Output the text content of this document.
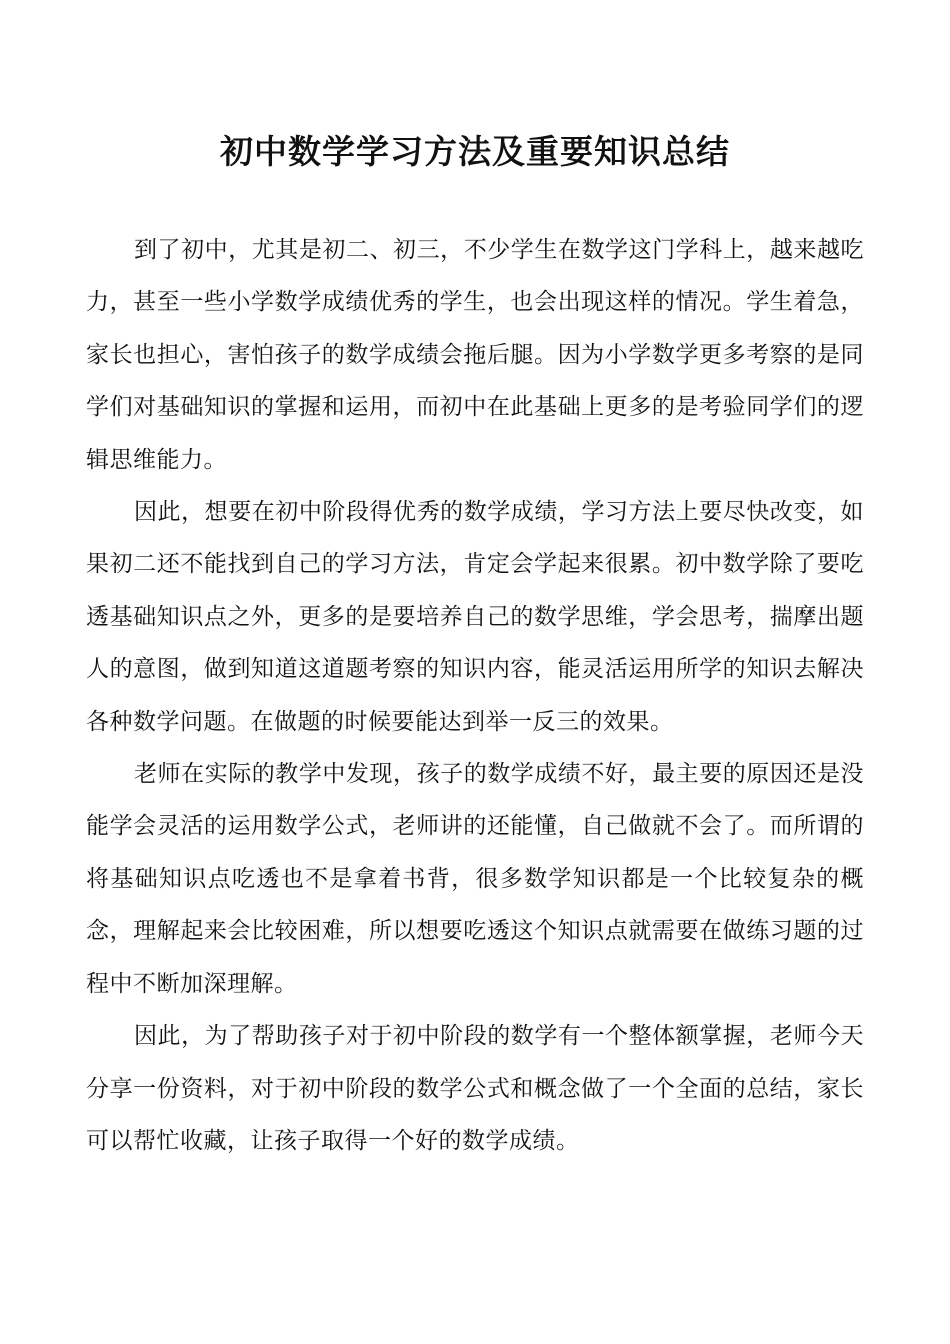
初中数学学习方法及重要知识总结

到了初中，尤其是初二、初三，不少学生在数学这门学科上，越来越吃力，甚至一些小学数学成绩优秀的学生，也会出现这样的情况。学生着急，家长也担心，害怕孩子的数学成绩会拖后腿。因为小学数学更多考察的是同学们对基础知识的掌握和运用，而初中在此基础上更多的是考验同学们的逻辑思维能力。

因此，想要在初中阶段得优秀的数学成绩，学习方法上要尽快改变，如果初二还不能找到自己的学习方法，肯定会学起来很累。初中数学除了要吃透基础知识点之外，更多的是要培养自己的数学思维，学会思考，揣摩出题人的意图，做到知道这道题考察的知识内容，能灵活运用所学的知识去解决各种数学问题。在做题的时候要能达到举一反三的效果。

老师在实际的教学中发现，孩子的数学成绩不好，最主要的原因还是没能学会灵活的运用数学公式，老师讲的还能懂，自己做就不会了。而所谓的将基础知识点吃透也不是拿着书背，很多数学知识都是一个比较复杂的概念，理解起来会比较困难，所以想要吃透这个知识点就需要在做练习题的过程中不断加深理解。

因此，为了帮助孩子对于初中阶段的数学有一个整体额掌握，老师今天分享一份资料，对于初中阶段的数学公式和概念做了一个全面的总结，家长可以帮忙收藏，让孩子取得一个好的数学成绩。
